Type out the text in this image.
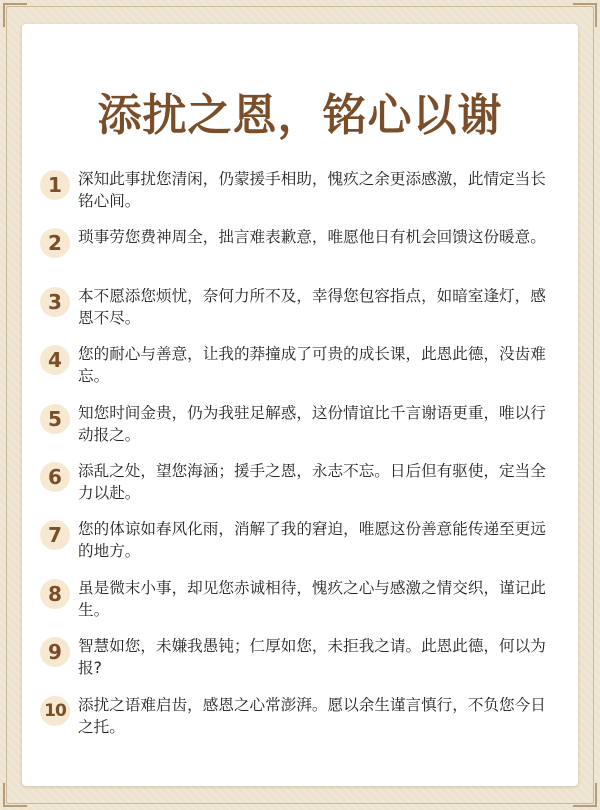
添扰之恩，铭心以谢
1	深知此事扰您清闲，仍蒙援手相助，愧疚之余更添感激，此情定当长铭心间。
2	琐事劳您费神周全，拙言难表歉意，唯愿他日有机会回馈这份暖意。
3	本不愿添您烦忧，奈何力所不及，幸得您包容指点，如暗室逢灯，感恩不尽。
4	您的耐心与善意，让我的莽撞成了可贵的成长课，此恩此德，没齿难忘。
5	知您时间金贵，仍为我驻足解惑，这份情谊比千言谢语更重，唯以行动报之。
6	添乱之处，望您海涵；援手之恩，永志不忘。日后但有驱使，定当全力以赴。
7	您的体谅如春风化雨，消解了我的窘迫，唯愿这份善意能传递至更远的地方。
8	虽是微末小事，却见您赤诚相待，愧疚之心与感激之情交织，谨记此生。
9	智慧如您，未嫌我愚钝；仁厚如您，未拒我之请。此恩此德，何以为报?
10 添扰之语难启齿，感恩之心常澎湃。愿以余生谨言慎行，不负您今日之托。
